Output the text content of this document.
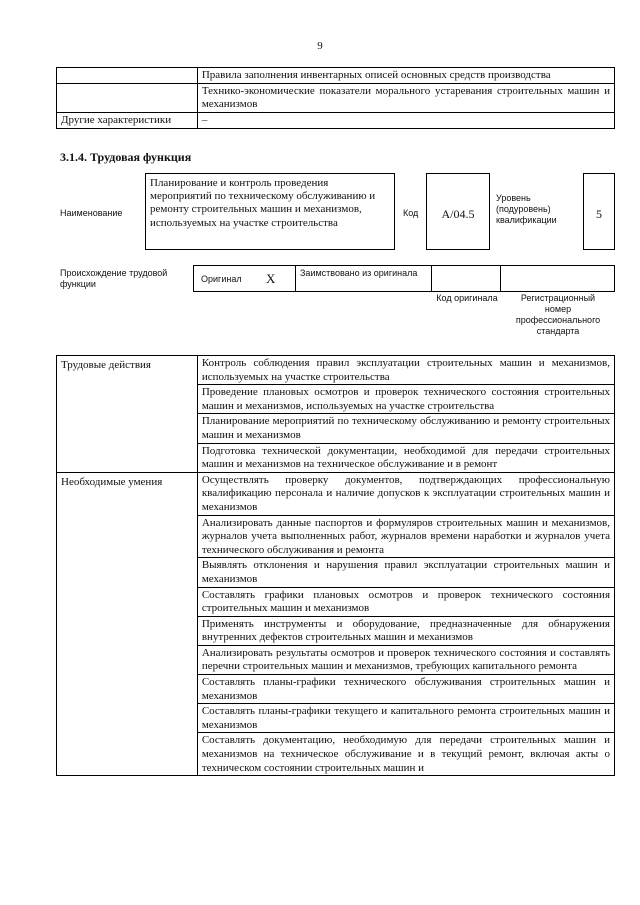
9
	Правила заполнения инвентарных описей основных средств производства
	Технико-экономические показатели морального устаревания строительных машин и механизмов
Другие характеристики	–
3.1.4. Трудовая функция
Наименование
Планирование и контроль проведения мероприятий по техническому обслуживанию и ремонту строительных машин и механизмов, используемых на участке строительства
Код	A/04.5
Уровень (подуровень) квалификации	5
Происхождение трудовой функции	Оригинал X	Заимствовано из оригинала
Код оригинала	Регистрационный номер профессионального стандарта
Трудовые действия	Контроль соблюдения правил эксплуатации строительных машин и механизмов, используемых на участке строительства
	Проведение плановых осмотров и проверок технического состояния строительных машин и механизмов, используемых на участке строительства
	Планирование мероприятий по техническому обслуживанию и ремонту строительных машин и механизмов
	Подготовка технической документации, необходимой для передачи строительных машин и механизмов на техническое обслуживание и в ремонт
Необходимые умения	Осуществлять проверку документов, подтверждающих профессиональную квалификацию персонала и наличие допусков к эксплуатации строительных машин и механизмов
	Анализировать данные паспортов и формуляров строительных машин и механизмов, журналов учета выполненных работ, журналов времени наработки и журналов учета технического обслуживания и ремонта
	Выявлять отклонения и нарушения правил эксплуатации строительных машин и механизмов
	Составлять графики плановых осмотров и проверок технического состояния строительных машин и механизмов
	Применять инструменты и оборудование, предназначенные для обнаружения внутренних дефектов строительных машин и механизмов
	Анализировать результаты осмотров и проверок технического состояния и составлять перечни строительных машин и механизмов, требующих капитального ремонта
	Составлять планы-графики технического обслуживания строительных машин и механизмов
	Составлять планы-графики текущего и капитального ремонта строительных машин и механизмов
	Составлять документацию, необходимую для передачи строительных машин и механизмов на техническое обслуживание и в текущий ремонт, включая акты о техническом состоянии строительных машин и
